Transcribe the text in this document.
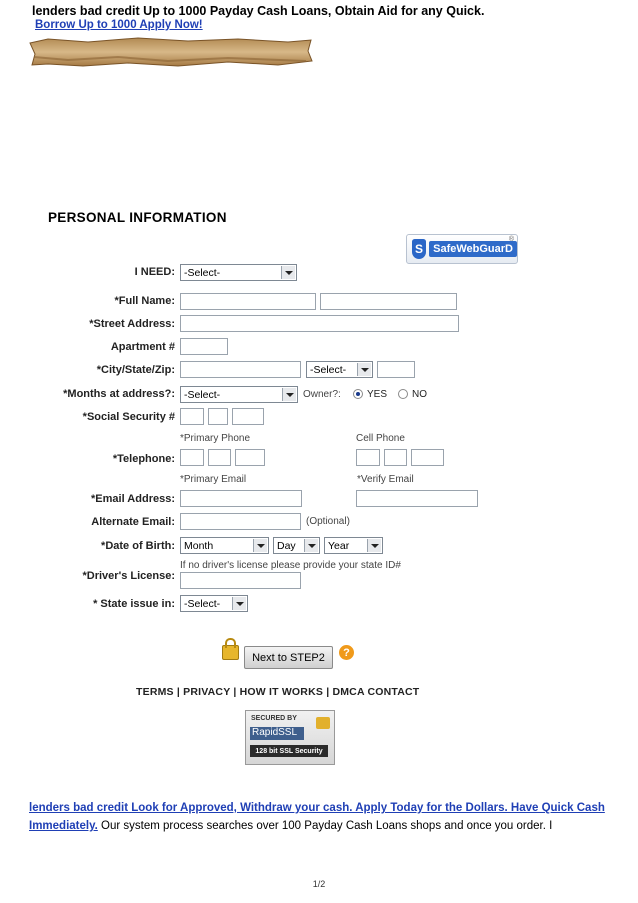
lenders bad credit Up to 1000 Payday Cash Loans, Obtain Aid for any Quick.
Borrow Up to 1000 Apply Now!
PERSONAL INFORMATION
S SafeWebGuarD
®
I NEED: -Select-
*Full Name:
*Street Address:
Apartment #
*City/State/Zip:	-Select-
*Months at address?: -Select-	Owner?:	YES NO
*Social Security #
*Primary Phone	Cell Phone
*Telephone:
*Primary Email	*Verify Email
*Email Address:
Alternate Email:	(Optional)
*Date of Birth: Month	Day	Year
If no driver's license please provide your state ID#
*Driver's License:
* State issue in: -Select-
Next to STEP2	?
TERMS | PRIVACY | HOW IT WORKS | DMCA CONTACT
SECURED BY
RapidSSL
128 bit SSL Security
lenders bad credit Look for Approved, Withdraw your cash. Apply Today for the Dollars. Have Quick Cash Immediately. Our system process searches over 100 Payday Cash Loans shops and once you order. I
1/2
